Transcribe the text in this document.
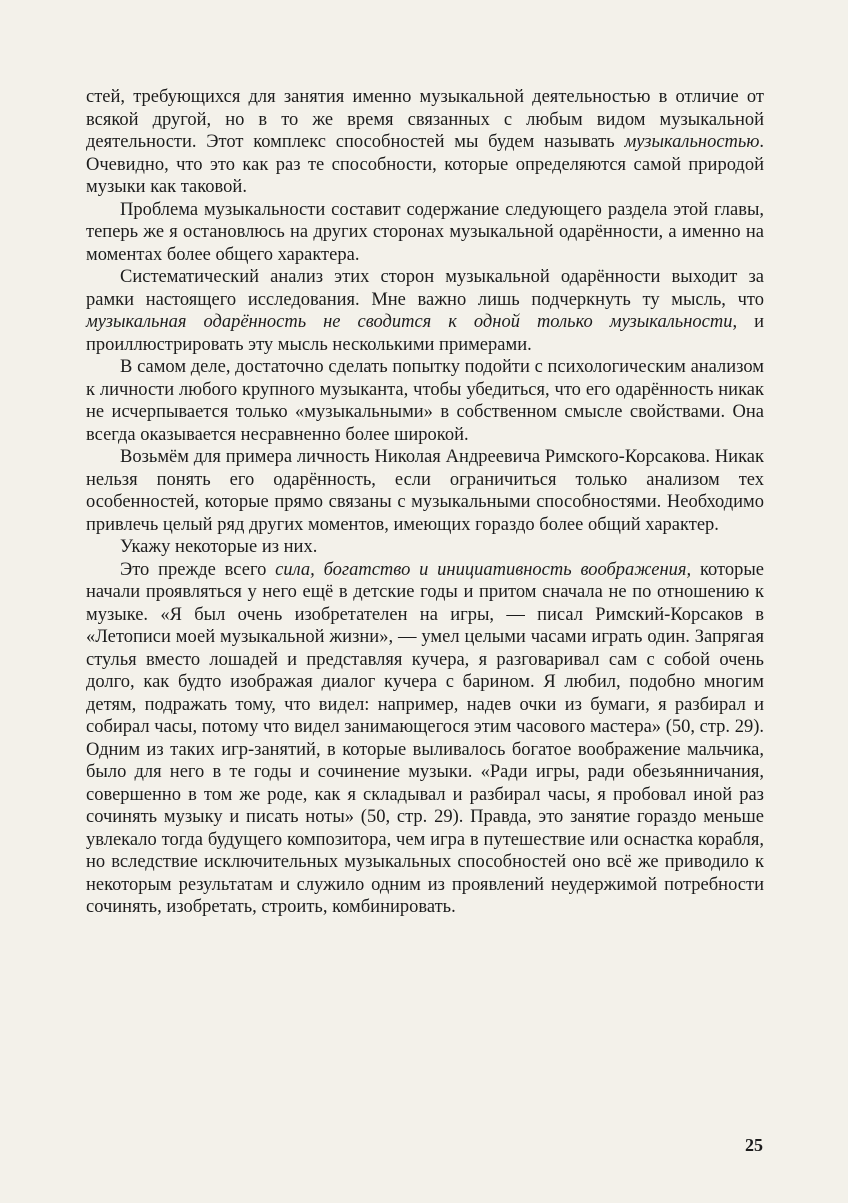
стей, требующихся для занятия именно музыкальной деятельностью в отличие от всякой другой, но в то же время связанных с любым видом музыкальной деятельности. Этот комплекс способностей мы будем называть музыкальностью. Очевидно, что это как раз те способности, которые определяются самой природой музыки как таковой.

Проблема музыкальности составит содержание следующего раздела этой главы, теперь же я остановлюсь на других сторонах музыкальной одарённости, а именно на моментах более общего характера.

Систематический анализ этих сторон музыкальной одарённости выходит за рамки настоящего исследования. Мне важно лишь подчеркнуть ту мысль, что музыкальная одарённость не сводится к одной только музыкальности, и проиллюстрировать эту мысль несколькими примерами.

В самом деле, достаточно сделать попытку подойти с психологическим анализом к личности любого крупного музыканта, чтобы убедиться, что его одарённость никак не исчерпывается только «музыкальными» в собственном смысле свойствами. Она всегда оказывается несравненно более широкой.

Возьмём для примера личность Николая Андреевича Римского-Корсакова. Никак нельзя понять его одарённость, если ограничиться только анализом тех особенностей, которые прямо связаны с музыкальными способностями. Необходимо привлечь целый ряд других моментов, имеющих гораздо более общий характер.

Укажу некоторые из них.

Это прежде всего сила, богатство и инициативность воображения, которые начали проявляться у него ещё в детские годы и притом сначала не по отношению к музыке. «Я был очень изобретателен на игры, — писал Римский-Корсаков в «Летописи моей музыкальной жизни», — умел целыми часами играть один. Запрягая стулья вместо лошадей и представляя кучера, я разговаривал сам с собой очень долго, как будто изображая диалог кучера с барином. Я любил, подобно многим детям, подражать тому, что видел: например, надев очки из бумаги, я разбирал и собирал часы, потому что видел занимающегося этим часового мастера» (50, стр. 29). Одним из таких игр-занятий, в которые выливалось богатое воображение мальчика, было для него в те годы и сочинение музыки. «Ради игры, ради обезьянничания, совершенно в том же роде, как я складывал и разбирал часы, я пробовал иной раз сочинять музыку и писать ноты» (50, стр. 29). Правда, это занятие гораздо меньше увлекало тогда будущего композитора, чем игра в путешествие или оснастка корабля, но вследствие исключительных музыкальных способностей оно всё же приводило к некоторым результатам и служило одним из проявлений неудержимой потребности сочинять, изобретать, строить, комбинировать.

25
